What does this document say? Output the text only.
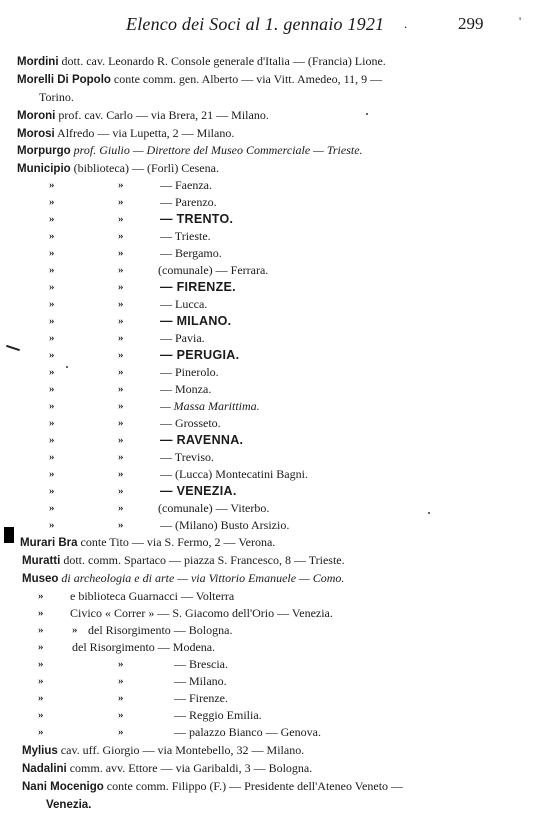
Elenco dei Soci al 1. gennaio 1921 .	299	'
Mordini dott. cav. Leonardo R. Console generale d'Italia — (Francia) Lione.
Morelli Di Popolo conte comm. gen. Alberto — via Vitt. Amedeo, 11, 9 —
Torino.
Moroni prof. cav. Carlo — via Brera, 21 — Milano.
Morosi Alfredo — via Lupetta, 2 — Milano.
Morpurgo prof. Giulio — Direttore del Museo Commerciale — Trieste.
Municipio (biblioteca) — (Forlì) Cesena.
»	»	— Faenza.
»	»	— Parenzo.
»	»	— TRENTO.
»	»	— Trieste.
»	»	— Bergamo.
»	»	(comunale) — Ferrara.
»	»	— FIRENZE.
»	»	— Lucca.
»	»	— MILANO.
»	»	— Pavia.
»	»	— PERUGIA.
»	»	— Pinerolo.
»	»	— Monza.
»	»	— Massa Marittima.
»	»	— Grosseto.
»	»	— RAVENNA.
»	»	— Treviso.
»	»	— (Lucca) Montecatini Bagni.
»	»	— VENEZIA.
»	»	(comunale) — Viterbo.
»	»	— (Milano) Busto Arsizio.
Murari Bra conte Tito — via S. Fermo, 2 — Verona.
Muratti dott. comm. Spartaco — piazza S. Francesco, 8 — Trieste.
Museo di archeologia e di arte — via Vittorio Emanuele — Como.
» e biblioteca Guarnacci — Volterra
» Civico « Correr » — S. Giacomo dell'Orio — Venezia.
»	» del Risorgimento — Bologna.
» del Risorgimento — Modena.
»	»	— Brescia.
»	»	— Milano.
»	»	— Firenze.
»	»	— Reggio Emilia.
»	»	— palazzo Bianco — Genova.
Mylius cav. uff. Giorgio — via Montebello, 32 — Milano.
Nadalini comm. avv. Ettore — via Garibaldi, 3 — Bologna.
Nani Mocenigo conte comm. Filippo (F.) — Presidente dell'Ateneo Veneto —
Venezia.
